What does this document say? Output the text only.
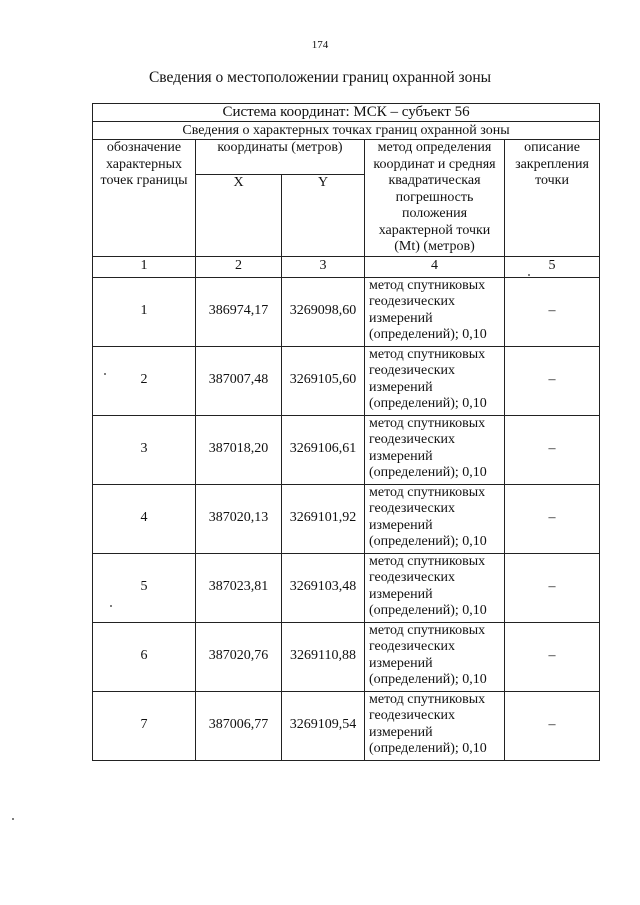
174
Сведения о местоположении границ охранной зоны
Система координат: МСК – субъект 56				
Сведения о характерных точках границ охранной зоны				
обозначение характерных точек границы	координаты (метров)		метод определения координат и средняя квадратическая погрешность положения характерной точки (Mt) (метров)	описание закрепления точки
	X	Y		
1	2	3	4	5
1	386974,17	3269098,60	метод спутниковых геодезических измерений (определений); 0,10	–
2	387007,48	3269105,60	метод спутниковых геодезических измерений (определений); 0,10	–
3	387018,20	3269106,61	метод спутниковых геодезических измерений (определений); 0,10	–
4	387020,13	3269101,92	метод спутниковых геодезических измерений (определений); 0,10	–
5	387023,81	3269103,48	метод спутниковых геодезических измерений (определений); 0,10	–
6	387020,76	3269110,88	метод спутниковых геодезических измерений (определений); 0,10	–
7	387006,77	3269109,54	метод спутниковых геодезических измерений (определений); 0,10	–
